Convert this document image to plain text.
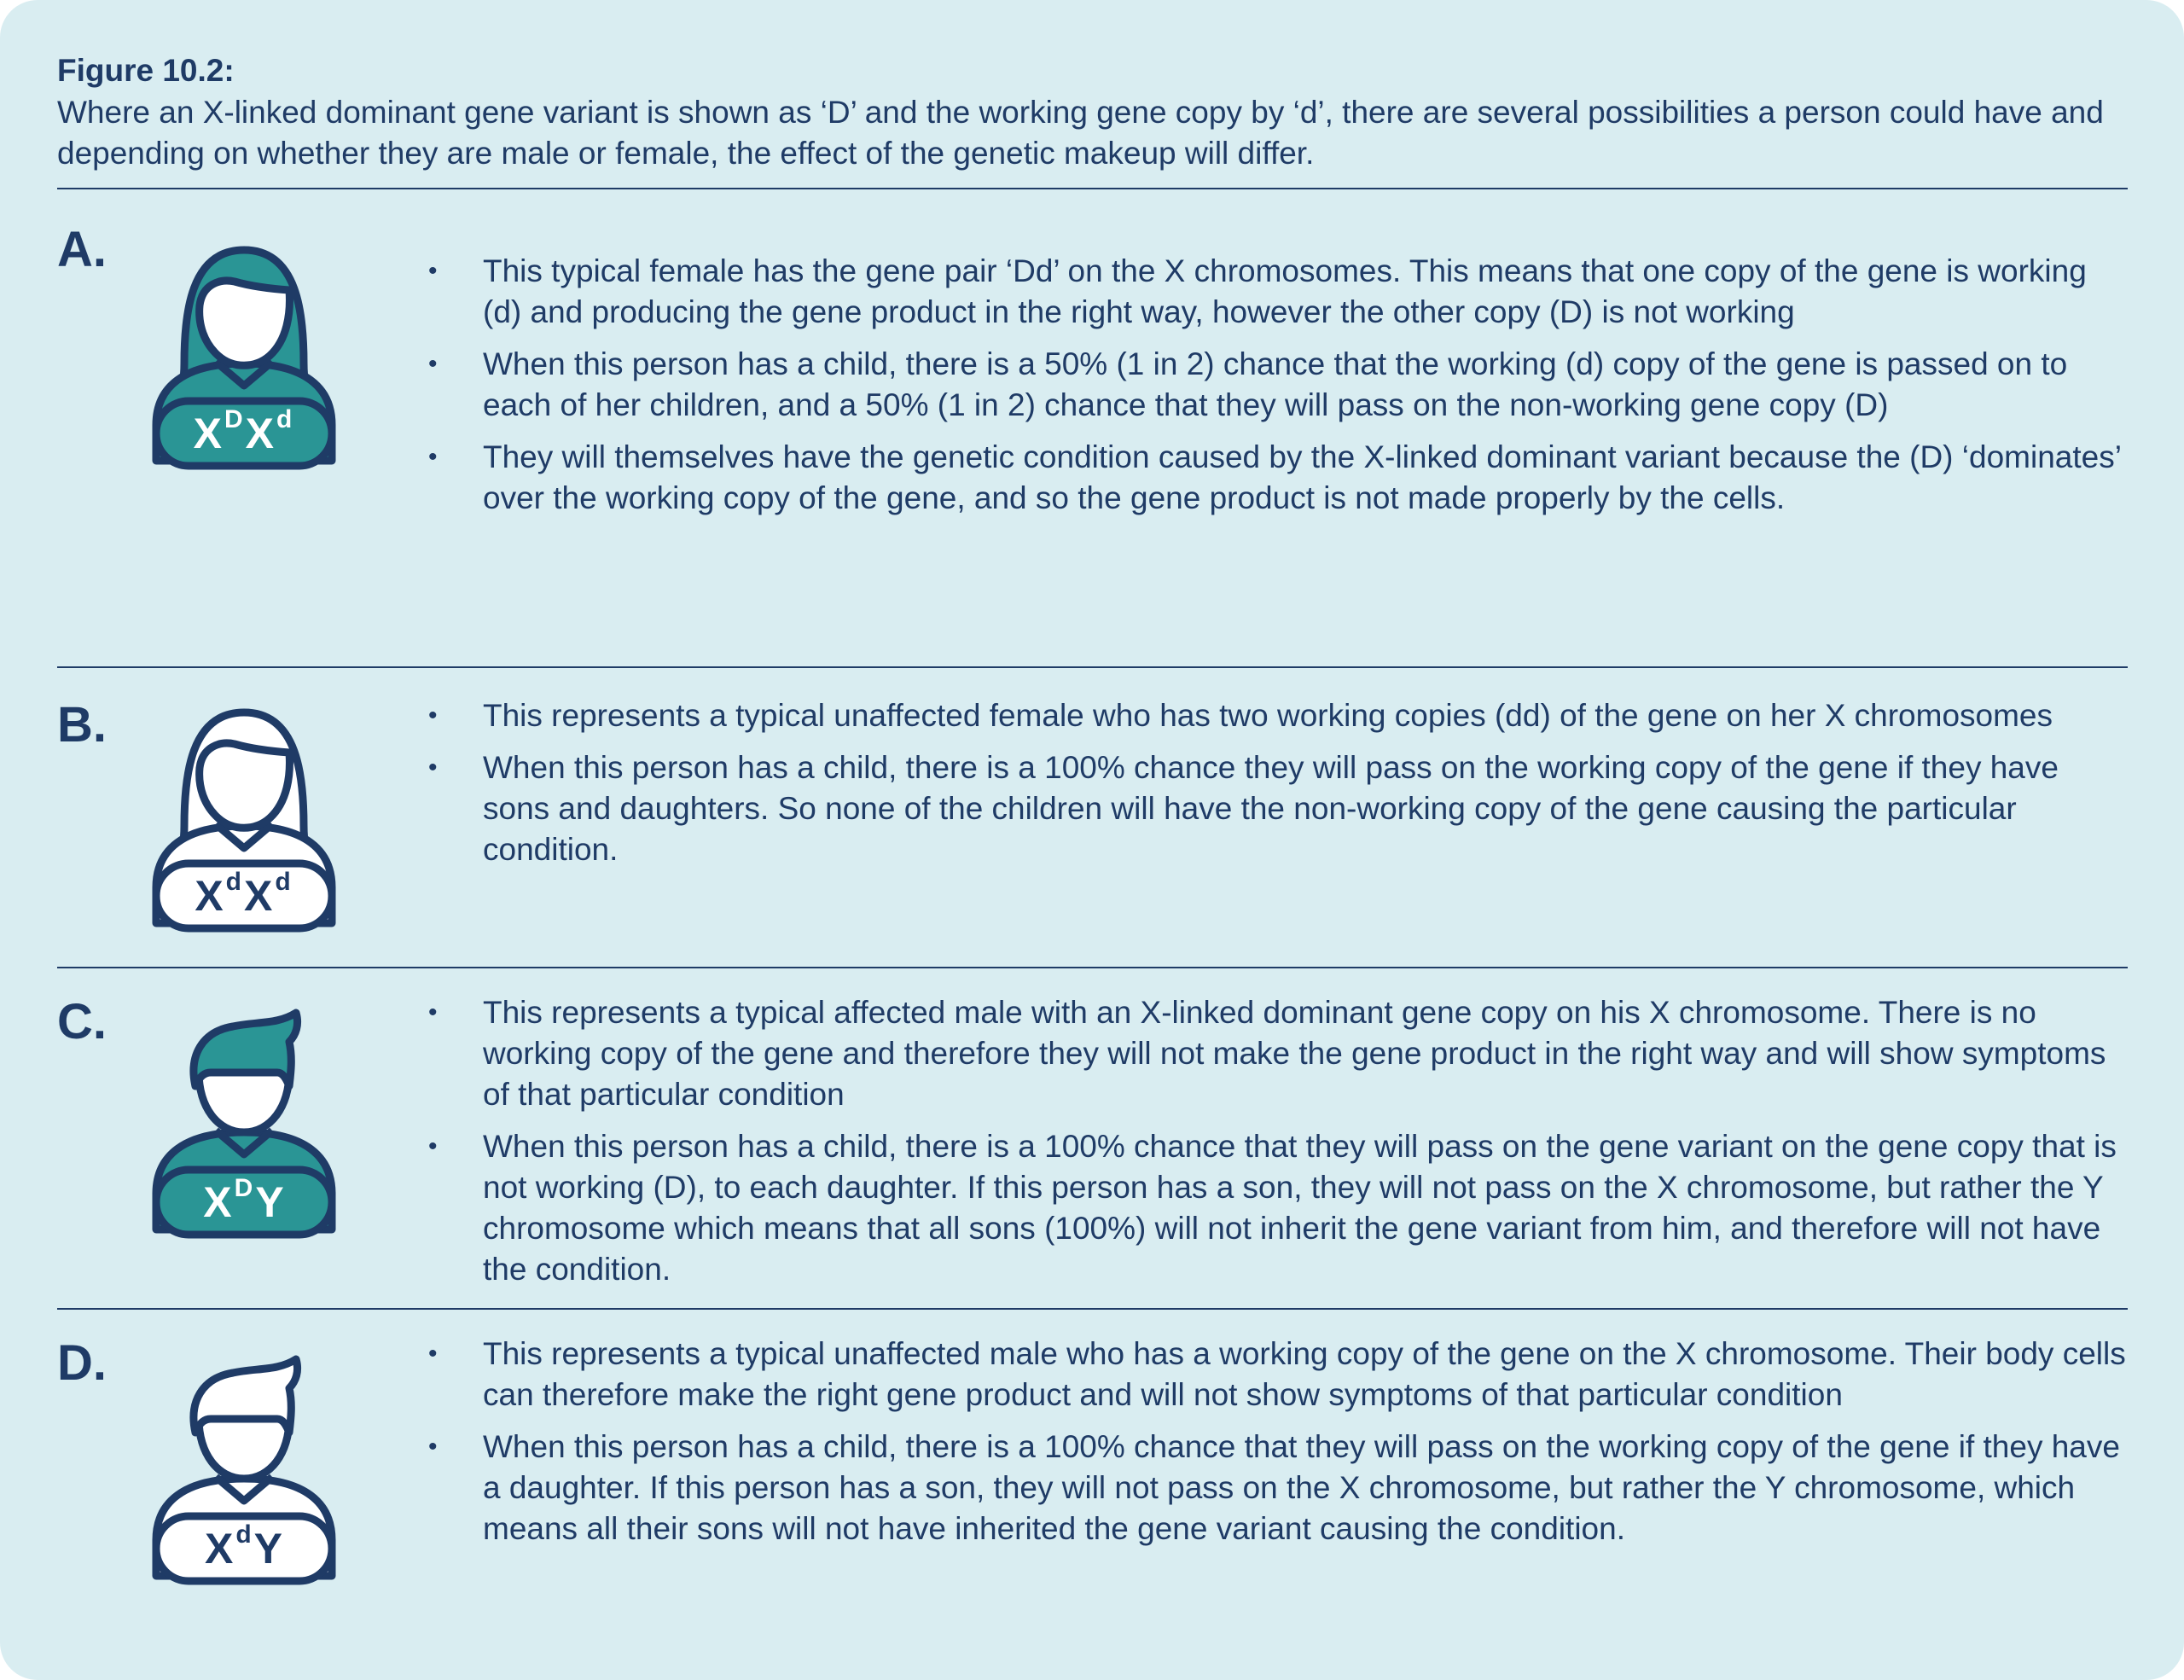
Figure 10.2:

Where an X-linked dominant gene variant is shown as ‘D’ and the working gene copy by ‘d’, there are several possibilities a person could have and depending on whether they are male or female, the effect of the genetic makeup will differ.

A.
X D X d
• This typical female has the gene pair ‘Dd’ on the X chromosomes. This means that one copy of the gene is working (d) and producing the gene product in the right way, however the other copy (D) is not working
• When this person has a child, there is a 50% (1 in 2) chance that the working (d) copy of the gene is passed on to each of her children, and a 50% (1 in 2) chance that they will pass on the non-working gene copy (D)
• They will themselves have the genetic condition caused by the X-linked dominant variant because the (D) ‘dominates’ over the working copy of the gene, and so the gene product is not made properly by the cells.
B.
X d X d
• This represents a typical unaffected female who has two working copies (dd) of the gene on her X chromosomes
• When this person has a child, there is a 100% chance they will pass on the working copy of the gene if they have sons and daughters. So none of the children will have the non-working copy of the gene causing the particular condition.
C.
X D Y
• This represents a typical affected male with an X-linked dominant gene copy on his X chromosome. There is no working copy of the gene and therefore they will not make the gene product in the right way and will show symptoms of that particular condition
• When this person has a child, there is a 100% chance that they will pass on the gene variant on the gene copy that is not working (D), to each daughter. If this person has a son, they will not pass on the X chromosome, but rather the Y chromosome which means that all sons (100%) will not inherit the gene variant from him, and therefore will not have the condition.
D.
X d Y
• This represents a typical unaffected male who has a working copy of the gene on the X chromosome. Their body cells can therefore make the right gene product and will not show symptoms of that particular condition
• When this person has a child, there is a 100% chance that they will pass on the working copy of the gene if they have a daughter. If this person has a son, they will not pass on the X chromosome, but rather the Y chromosome, which means all their sons will not have inherited the gene variant causing the condition.
